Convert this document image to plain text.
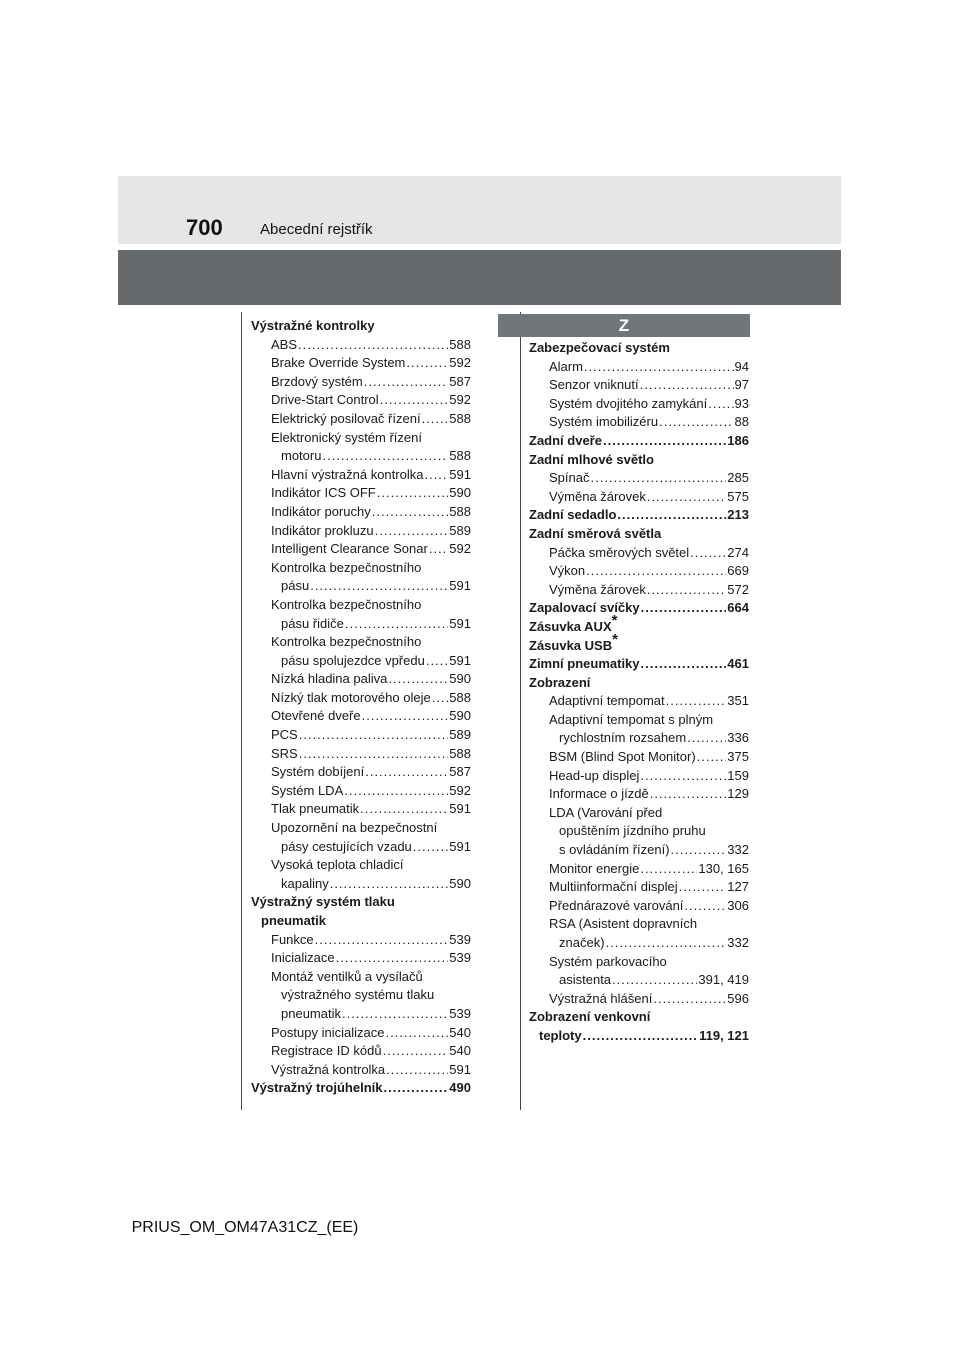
700 Abecední rejstřík
Z
Výstražné kontrolky
ABS .....	588
Brake Override System .....	592
Brzdový systém .....	587
Drive-Start Control .....	592
Elektrický posilovač řízení ..... 588
Elektronický systém řízení
motoru .....	588
Hlavní výstražná kontrolka ..... 591
Indikátor ICS OFF .....	590
Indikátor poruchy .....	588
Indikátor prokluzu .....	589
Intelligent Clearance Sonar ..... 592
Kontrolka bezpečnostního
pásu .....	591
Kontrolka bezpečnostního
pásu řidiče .....	591
Kontrolka bezpečnostního
pásu spolujezdce vpředu ..... 591
Nízká hladina paliva .....	590
Nízký tlak motorového oleje ..... 588
Otevřené dveře .....	590
PCS .....	589
SRS .....	588
Systém dobíjení .....	587
Systém LDA .....	592
Tlak pneumatik .....	591
Upozornění na bezpečnostní
pásy cestujících vzadu .....	591
Vysoká teplota chladicí
kapaliny .....	590
Výstražný systém tlaku
pneumatik
Funkce .....	539
Inicializace .....	539
Montáž ventilků a vysílačů
výstražného systému tlaku
pneumatik .....	539
Postupy inicializace .....	540
Registrace ID kódů .....	540
Výstražná kontrolka .....	591
Výstražný trojúhelník .....	490
Zabezpečovací systém
Alarm .....	94
Senzor vniknutí .....	97
Systém dvojitého zamykání ..... 93
Systém imobilizéru .....	88
Zadní dveře .....	186
Zadní mlhové světlo
Spínač .....	285
Výměna žárovek .....	575
Zadní sedadlo .....	213
Zadní směrová světla
Páčka směrových světel .....	274
Výkon .....	669
Výměna žárovek .....	572
Zapalovací svíčky .....	664
Zásuvka AUX*
Zásuvka USB*
Zimní pneumatiky .....	461
Zobrazení
Adaptivní tempomat .....	351
Adaptivní tempomat s plným
rychlostním rozsahem .....	336
BSM (Blind Spot Monitor) ..... 375
Head-up displej .....	159
Informace o jízdě .....	129
LDA (Varování před
opuštěním jízdního pruhu
s ovládáním řízení) .....	332
Monitor energie .....	130, 165
Multiinformační displej .....	127
Přednárazové varování .....	306
RSA (Asistent dopravních
značek) .....	332
Systém parkovacího
asistenta .....	391, 419
Výstražná hlášení .....	596
Zobrazení venkovní
teploty .....	119, 121
PRIUS_OM_OM47A31CZ_(EE)
